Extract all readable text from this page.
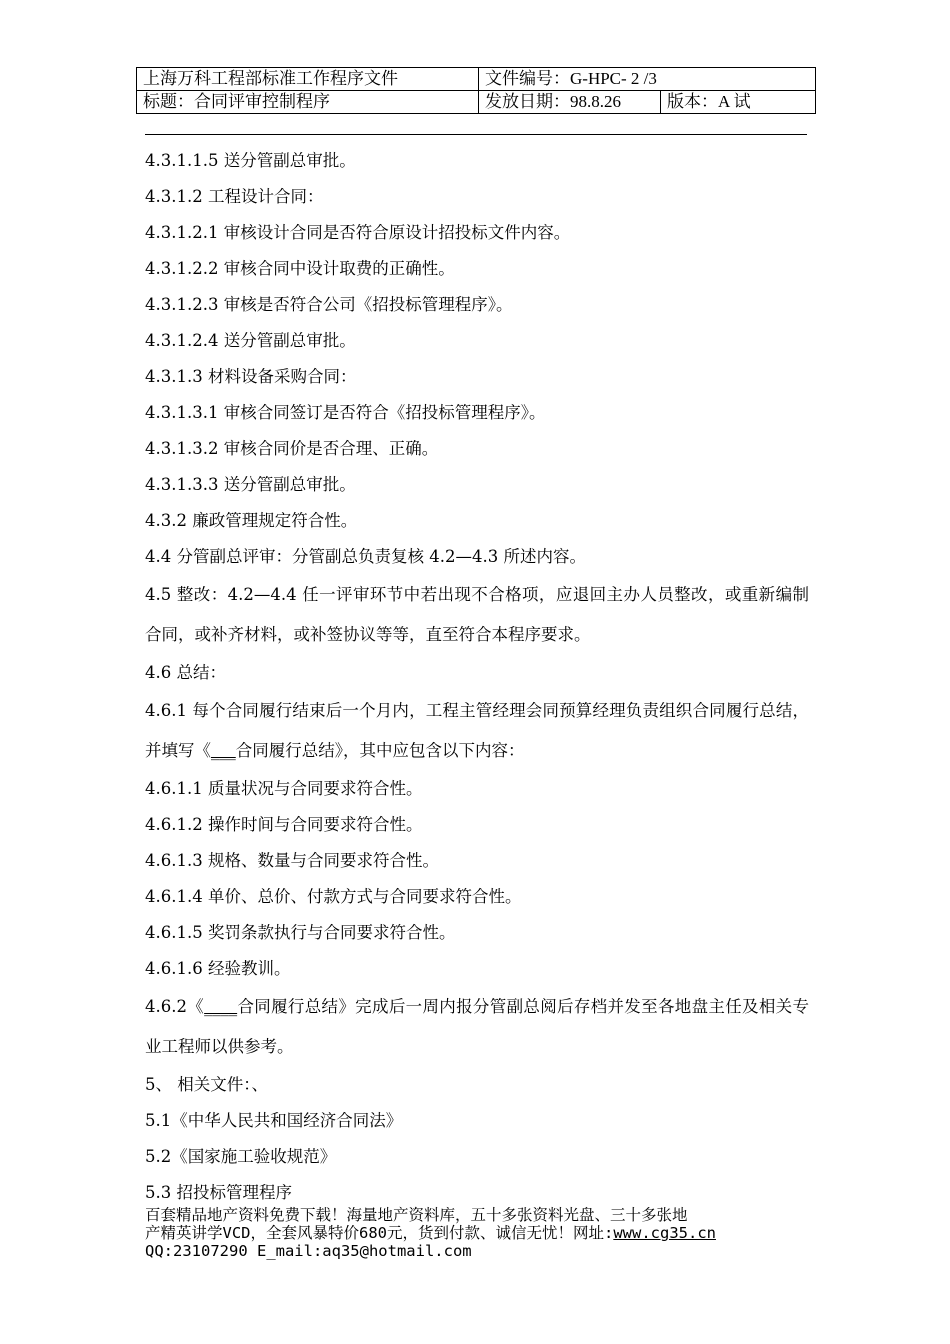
上海万科工程部标准工作程序文件	文件编号：G-HPC- 2 /3	
标题：合同评审控制程序	发放日期：98.8.26	版本：A 试

4.3.1.1.5 送分管副总审批。

4.3.1.2 工程设计合同：

4.3.1.2.1 审核设计合同是否符合原设计招投标文件内容。

4.3.1.2.2 审核合同中设计取费的正确性。

4.3.1.2.3 审核是否符合公司《招投标管理程序》。

4.3.1.2.4 送分管副总审批。

4.3.1.3 材料设备采购合同：

4.3.1.3.1 审核合同签订是否符合《招投标管理程序》。

4.3.1.3.2 审核合同价是否合理、正确。

4.3.1.3.3 送分管副总审批。

4.3.2 廉政管理规定符合性。

4.4 分管副总评审：分管副总负责复核 4.2—4.3 所述内容。

4.5 整改：4.2—4.4 任一评审环节中若出现不合格项，应退回主办人员整改，或重新编制合同，或补齐材料，或补签协议等等，直至符合本程序要求。

4.6 总结：

4.6.1 每个合同履行结束后一个月内，工程主管经理会同预算经理负责组织合同履行总结，并填写《___合同履行总结》，其中应包含以下内容：

4.6.1.1 质量状况与合同要求符合性。

4.6.1.2 操作时间与合同要求符合性。

4.6.1.3 规格、数量与合同要求符合性。

4.6.1.4 单价、总价、付款方式与合同要求符合性。

4.6.1.5 奖罚条款执行与合同要求符合性。

4.6.1.6 经验教训。

4.6.2《____合同履行总结》完成后一周内报分管副总阅后存档并发至各地盘主任及相关专业工程师以供参考。

5、 相关文件：、

5.1《中华人民共和国经济合同法》

5.2《国家施工验收规范》

5.3 招投标管理程序

百套精品地产资料免费下载！海量地产资料库，五十多张资料光盘、三十多张地
产精英讲学VCD，全套风暴特价680元，货到付款、诚信无忧！网址:www.cg35.cn
QQ:23107290 E_mail:aq35@hotmail.com
